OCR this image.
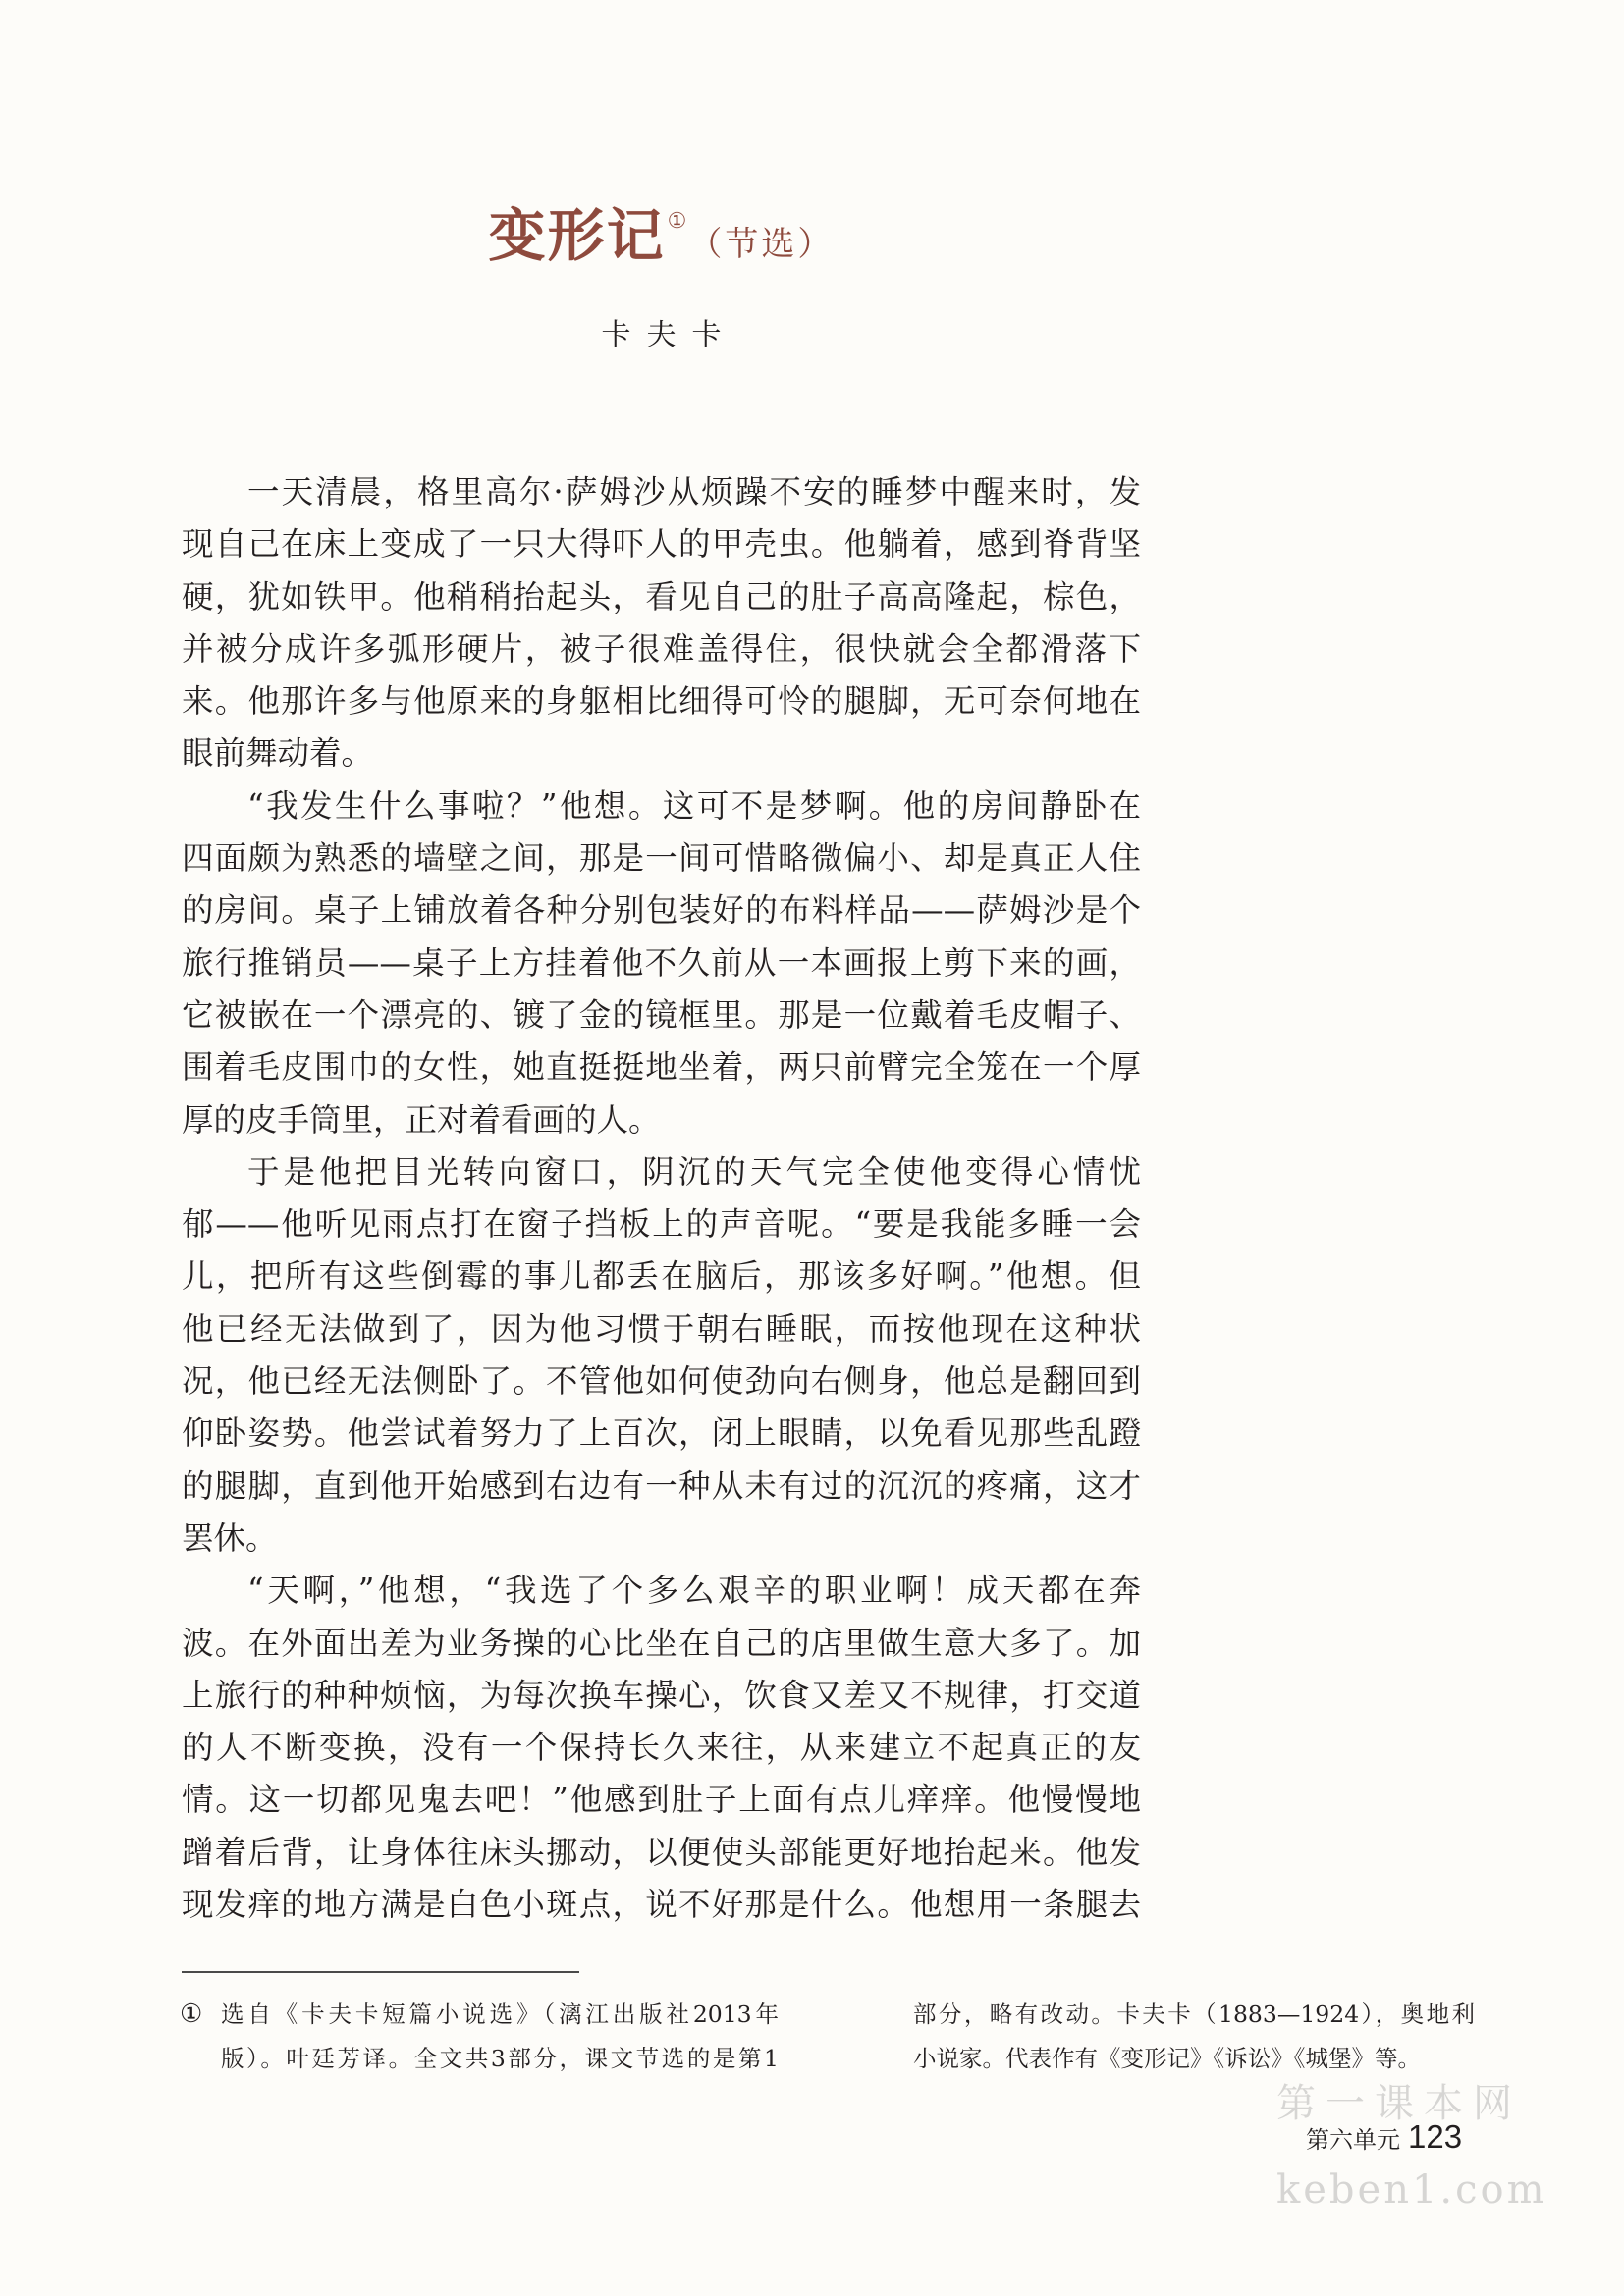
变形记①（节选）
卡夫卡
一天清晨，格里高尔·萨姆沙从烦躁不安的睡梦中醒来时，发
现自己在床上变成了一只大得吓人的甲壳虫。他躺着，感到脊背坚
硬，犹如铁甲。他稍稍抬起头，看见自己的肚子高高隆起，棕色，
并被分成许多弧形硬片，被子很难盖得住，很快就会全都滑落下
来。他那许多与他原来的身躯相比细得可怜的腿脚，无可奈何地在
眼前舞动着。
“我发生什么事啦？”他想。这可不是梦啊。他的房间静卧在
四面颇为熟悉的墙壁之间，那是一间可惜略微偏小、却是真正人住
的房间。桌子上铺放着各种分别包装好的布料样品——萨姆沙是个
旅行推销员——桌子上方挂着他不久前从一本画报上剪下来的画，
它被嵌在一个漂亮的、镀了金的镜框里。那是一位戴着毛皮帽子、
围着毛皮围巾的女性，她直挺挺地坐着，两只前臂完全笼在一个厚
厚的皮手筒里，正对着看画的人。
于是他把目光转向窗口，阴沉的天气完全使他变得心情忧
郁——他听见雨点打在窗子挡板上的声音呢。“要是我能多睡一会
儿，把所有这些倒霉的事儿都丢在脑后，那该多好啊。”他想。但
他已经无法做到了，因为他习惯于朝右睡眠，而按他现在这种状
况，他已经无法侧卧了。不管他如何使劲向右侧身，他总是翻回到
仰卧姿势。他尝试着努力了上百次，闭上眼睛，以免看见那些乱蹬
的腿脚，直到他开始感到右边有一种从未有过的沉沉的疼痛，这才
罢休。
“天啊，”他想，“我选了个多么艰辛的职业啊！成天都在奔
波。在外面出差为业务操的心比坐在自己的店里做生意大多了。加
上旅行的种种烦恼，为每次换车操心，饮食又差又不规律，打交道
的人不断变换，没有一个保持长久来往，从来建立不起真正的友
情。这一切都见鬼去吧！”他感到肚子上面有点儿痒痒。他慢慢地
蹭着后背，让身体往床头挪动，以便使头部能更好地抬起来。他发
现发痒的地方满是白色小斑点，说不好那是什么。他想用一条腿去
① 选自《卡夫卡短篇小说选》（漓江出版社2013年
版）。叶廷芳译。全文共3部分，课文节选的是第1
部分，略有改动。卡夫卡（1883—1924），奥地利
小说家。代表作有《变形记》《诉讼》《城堡》等。
第一课本网
keben1.com
第六单元 123
